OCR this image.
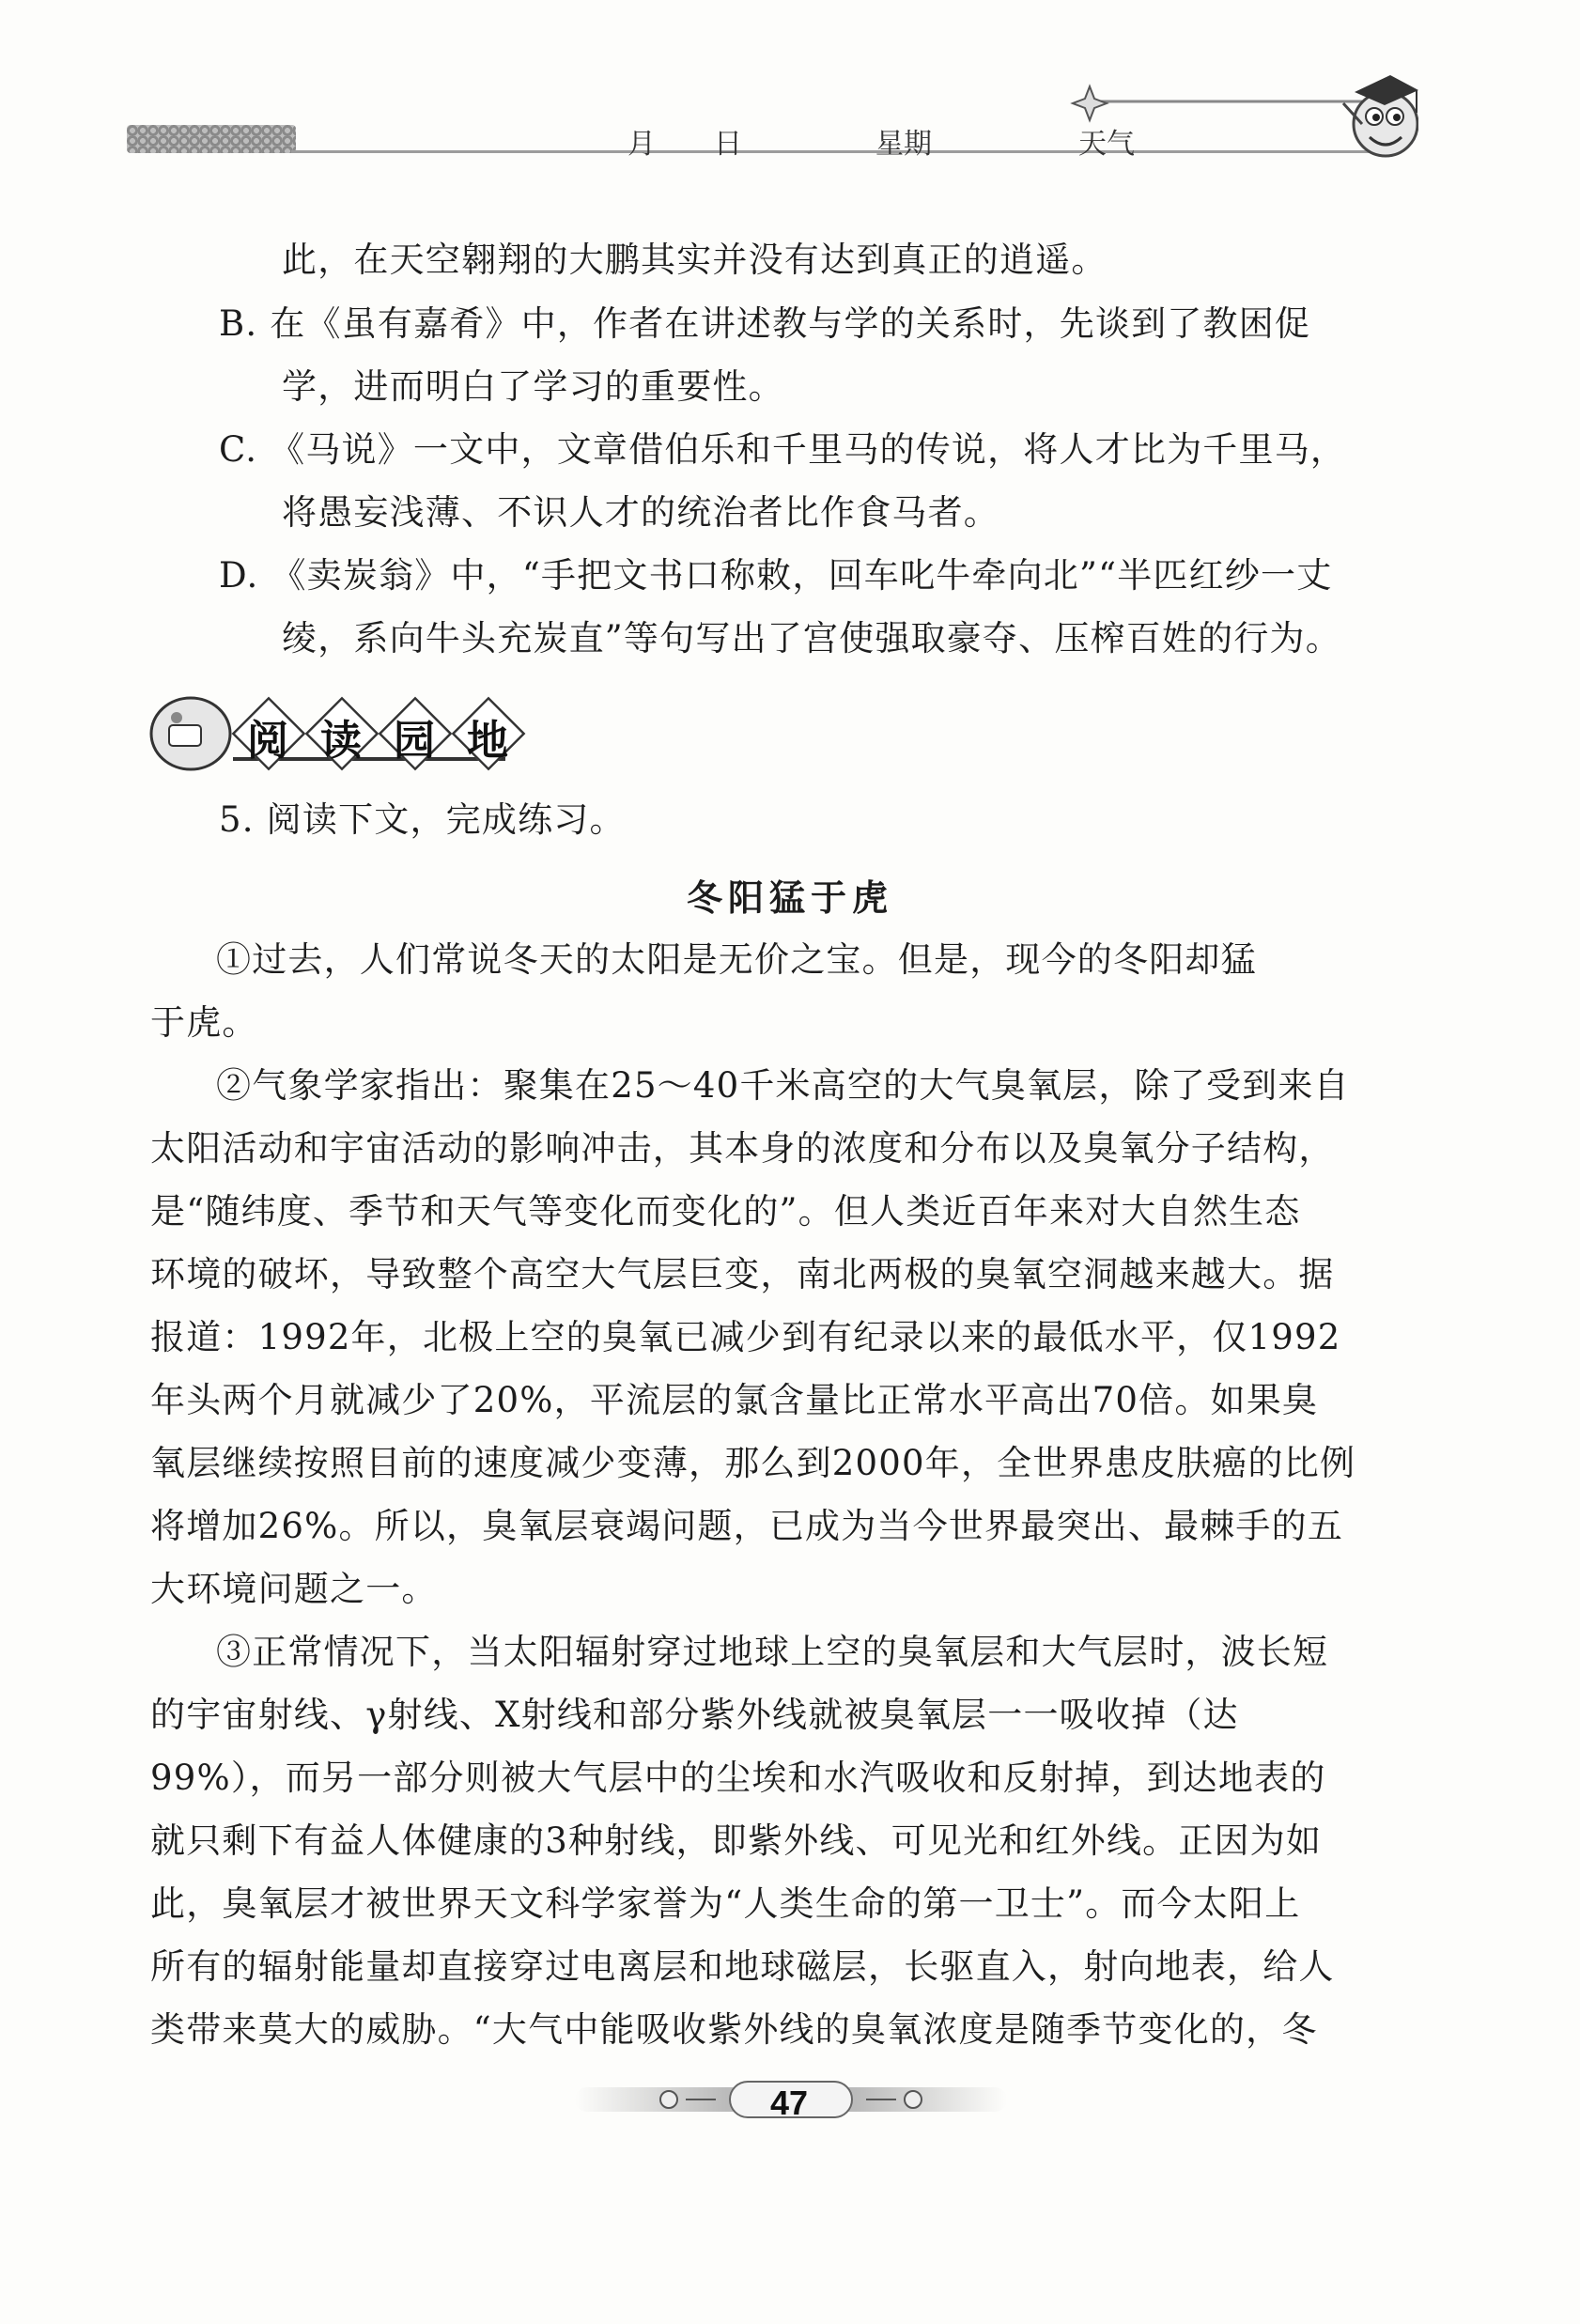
月 日	星期	天气
此，在天空翱翔的大鹏其实并没有达到真正的逍遥。
B. 在《虽有嘉肴》中，作者在讲述教与学的关系时，先谈到了教困促
学，进而明白了学习的重要性。
C. 《马说》一文中，文章借伯乐和千里马的传说，将人才比为千里马，
将愚妄浅薄、不识人才的统治者比作食马者。
D. 《卖炭翁》中，“手把文书口称敕，回车叱牛牵向北”“半匹红纱一丈
绫，系向牛头充炭直”等句写出了宫使强取豪夺、压榨百姓的行为。
阅 读 园 地
5. 阅读下文，完成练习。
冬阳猛于虎
①过去，人们常说冬天的太阳是无价之宝。但是，现今的冬阳却猛
于虎。
②气象学家指出：聚集在25～40千米高空的大气臭氧层，除了受到来自
太阳活动和宇宙活动的影响冲击，其本身的浓度和分布以及臭氧分子结构，
是“随纬度、季节和天气等变化而变化的”。但人类近百年来对大自然生态
环境的破坏，导致整个高空大气层巨变，南北两极的臭氧空洞越来越大。据
报道：1992年，北极上空的臭氧已减少到有纪录以来的最低水平，仅1992
年头两个月就减少了20%，平流层的氯含量比正常水平高出70倍。如果臭
氧层继续按照目前的速度减少变薄，那么到2000年，全世界患皮肤癌的比例
将增加26%。所以，臭氧层衰竭问题，已成为当今世界最突出、最棘手的五
大环境问题之一。
③正常情况下，当太阳辐射穿过地球上空的臭氧层和大气层时，波长短
的宇宙射线、γ射线、X射线和部分紫外线就被臭氧层一一吸收掉（达
99%），而另一部分则被大气层中的尘埃和水汽吸收和反射掉，到达地表的
就只剩下有益人体健康的3种射线，即紫外线、可见光和红外线。正因为如
此，臭氧层才被世界天文科学家誉为“人类生命的第一卫士”。而今太阳上
所有的辐射能量却直接穿过电离层和地球磁层，长驱直入，射向地表，给人
类带来莫大的威胁。“大气中能吸收紫外线的臭氧浓度是随季节变化的，冬
47
